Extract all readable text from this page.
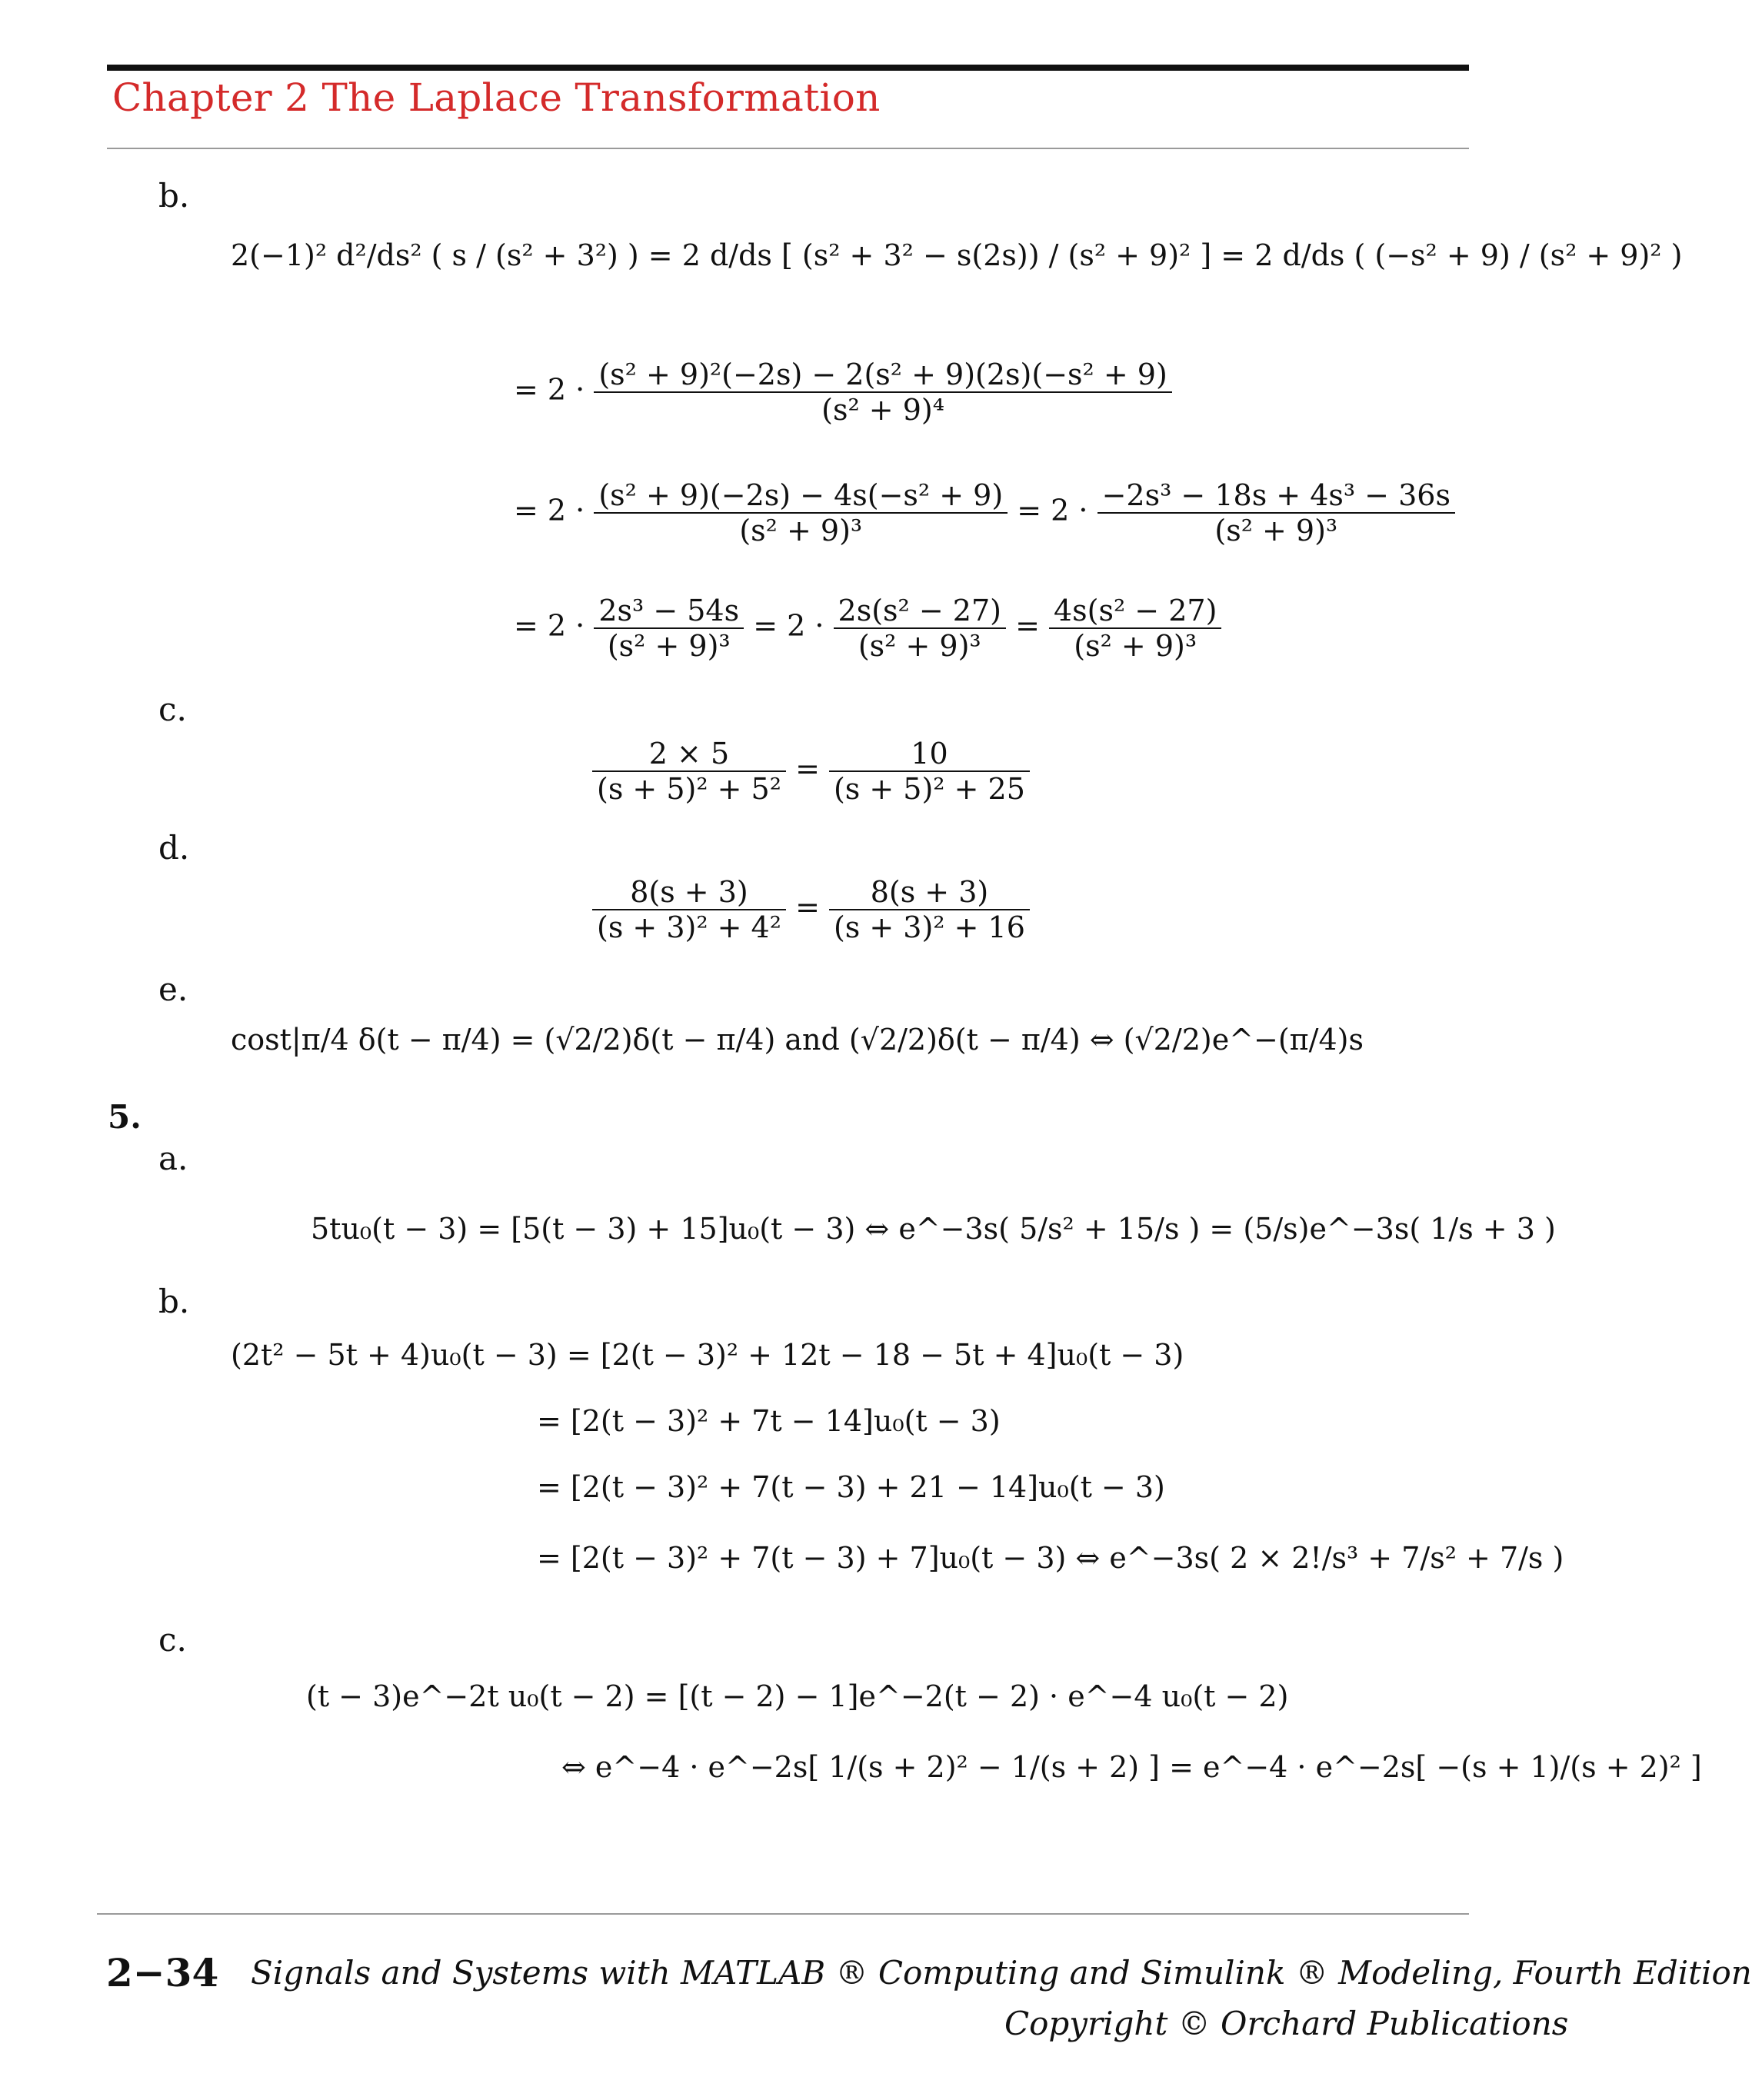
Chapter 2 The Laplace Transformation
b.
2(−1)² d²/ds² ( s / (s² + 3²) ) = 2 d/ds [ (s² + 3² − s(2s)) / (s² + 9)² ] = 2 d/ds ( (−s² + 9) / (s² + 9)² )
= $2 \cdot \frac{\text{(s² + 9)²(−2s) − 2(s² + 9)(2s)(−s² + 9)}}{\text{(s² + 9)⁴}}$
= $2 \cdot \frac{\text{(s² + 9)(−2s) − 4s(−s² + 9)}}{\text{(s² + 9)³}} = 2 \cdot \frac{\text{−2s³ − 18s + 4s³ − 36s}}{\text{(s² + 9)³}}$
= $2 \cdot \frac{\text{2s³ − 54s}}{\text{(s² + 9)³}} = 2 \cdot \frac{\text{2s(s² − 27)}}{\text{(s² + 9)³}} = \frac{\text{4s(s² − 27)}}{\text{(s² + 9)³}}$
c.
$\frac{2 \times 5}{\text{(s + 5)² + 5²}} = \frac{10}{\text{(s + 5)² + 25}}$
d.
$\frac{8(s + 3)}{\text{(s + 3)² + 4²}} = \frac{8(s + 3)}{\text{(s + 3)² + 16}}$
e.
cost|π/4 δ(t − π/4) = (√2/2)δ(t − π/4) and (√2/2)δ(t − π/4) ⇔ (√2/2)e^−(π/4)s
5.
a.
5tu₀(t − 3) = [5(t − 3) + 15]u₀(t − 3) ⇔ e^−3s( 5/s² + 15/s ) = (5/s)e^−3s( 1/s + 3 )
b.
(2t² − 5t + 4)u₀(t − 3) = [2(t − 3)² + 12t − 18 − 5t + 4]u₀(t − 3)
= [2(t − 3)² + 7t − 14]u₀(t − 3)
= [2(t − 3)² + 7(t − 3) + 21 − 14]u₀(t − 3)
= [2(t − 3)² + 7(t − 3) + 7]u₀(t − 3) ⇔ e^−3s( 2 × 2!/s³ + 7/s² + 7/s )
c.
(t − 3)e^−2t u₀(t − 2) = [(t − 2) − 1]e^−2(t − 2) · e^−4 u₀(t − 2)
⇔ e^−4 · e^−2s[ 1/(s + 2)² − 1/(s + 2) ] = e^−4 · e^−2s[ −(s + 1)/(s + 2)² ]
2−34 Signals and Systems with MATLAB ® Computing and Simulink ® Modeling, Fourth Edition
Copyright © Orchard Publications
